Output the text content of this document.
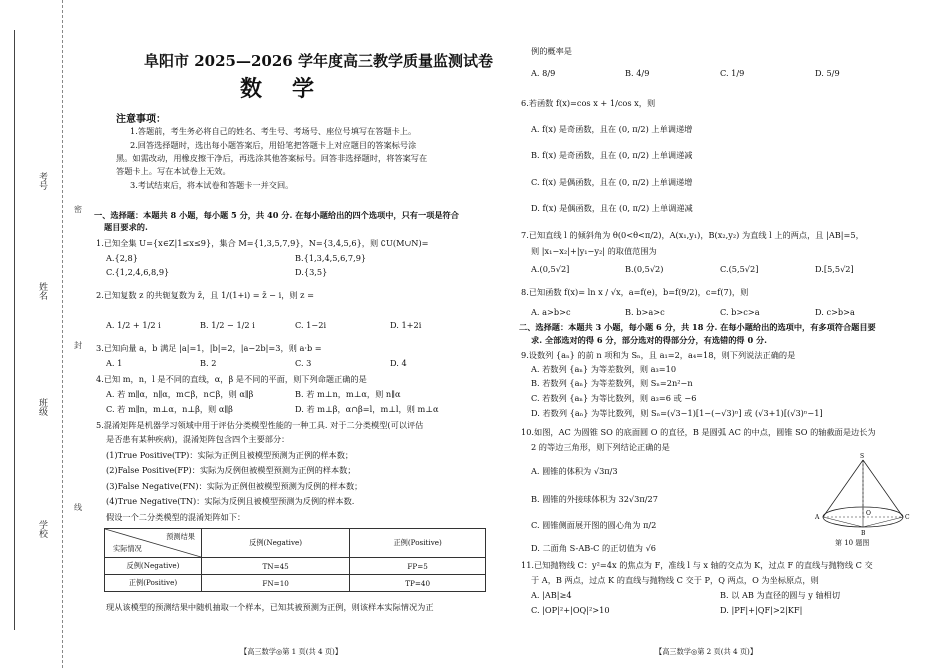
考号
姓名
班级
学校
密
封
线
阜阳市 2025—2026 学年度高三教学质量监测试卷
数学
注意事项：
1.答题前，考生务必将自己的姓名、考生号、考场号、座位号填写在答题卡上。
2.回答选择题时，选出每小题答案后，用铅笔把答题卡上对应题目的答案标号涂
黑。如需改动，用橡皮擦干净后，再选涂其他答案标号。回答非选择题时，将答案写在
答题卡上。写在本试卷上无效。
3.考试结束后，将本试卷和答题卡一并交回。
一、选择题：本题共 8 小题，每小题 5 分，共 40 分. 在每小题给出的四个选项中，只有一项是符合
题目要求的.
1.已知全集 U={x∈Z|1≤x≤9}，集合 M={1,3,5,7,9}，N={3,4,5,6}，则 ∁U(M∪N)=
A.{2,8}	B.{1,3,4,5,6,7,9}
C.{1,2,4,6,8,9}	D.{3,5}
2.已知复数 z 的共轭复数为 z̄，且 1/(1+i) = z̄ − i，则 z =
A. 1/2 + 1/2 i	B. 1/2 − 1/2 i	C. 1−2i	D. 1+2i
3.已知向量 a，b 满足 |a|=1，|b|=2，|a−2b|=3，则 a·b =
A. 1	B. 2	C. 3	D. 4
4.已知 m，n，l 是不同的直线，α，β 是不同的平面，则下列命题正确的是
A. 若 m∥α，n∥α，m⊂β，n⊂β，则 α∥β	B. 若 m⊥n，m⊥α，则 n∥α
C. 若 m∥n，m⊥α，n⊥β，则 α∥β	D. 若 m⊥β，α∩β=l，m⊥l，则 m⊥α
5.混淆矩阵是机器学习领域中用于评估分类模型性能的一种工具. 对于二分类模型(可以评估
是否患有某种疾病)，混淆矩阵包含四个主要部分：
(1)True Positive(TP)：实际为正例且被模型预测为正例的样本数；
(2)False Positive(FP)：实际为反例但被模型预测为正例的样本数；
(3)False Negative(FN)：实际为正例但被模型预测为反例的样本数；
(4)True Negative(TN)：实际为反例且被模型预测为反例的样本数.
假设一个二分类模型的混淆矩阵如下：
预测结果
实际情况	反例(Negative)	正例(Positive)
反例(Negative)	TN=45	FP=5
正例(Positive)	FN=10	TP=40
现从该模型的预测结果中随机抽取一个样本，已知其被预测为正例，则该样本实际情况为正
【高三数学◎第 1 页(共 4 页)】
例的概率是
A. 8/9	B. 4/9	C. 1/9	D. 5/9
6.若函数 f(x)=cos x + 1/cos x，则
A. f(x) 是奇函数，且在 (0, π/2) 上单调递增
B. f(x) 是奇函数，且在 (0, π/2) 上单调递减
C. f(x) 是偶函数，且在 (0, π/2) 上单调递增
D. f(x) 是偶函数，且在 (0, π/2) 上单调递减
7.已知直线 l 的倾斜角为 θ(0<θ<π/2)，A(x₁,y₁)，B(x₂,y₂) 为直线 l 上的两点，且 |AB|=5，
则 |x₁−x₂|+|y₁−y₂| 的取值范围为
A.(0,5√2]	B.(0,5√2)	C.(5,5√2]	D.[5,5√2]
8.已知函数 f(x)= ln x / √x，a=f(e)，b=f(9/2)，c=f(7)，则
A. a>b>c	B. b>a>c	C. b>c>a	D. c>b>a
二、选择题：本题共 3 小题，每小题 6 分，共 18 分. 在每小题给出的选项中，有多项符合题目要
求. 全部选对的得 6 分，部分选对的得部分分，有选错的得 0 分.
9.设数列 {aₙ} 的前 n 项和为 Sₙ，且 a₁=2，a₄=18，则下列说法正确的是
A. 若数列 {aₙ} 为等差数列，则 a₃=10
B. 若数列 {aₙ} 为等差数列，则 Sₙ=2n²−n
C. 若数列 {aₙ} 为等比数列，则 a₃=6 或 −6
D. 若数列 {aₙ} 为等比数列，则 Sₙ=(√3−1)[1−(−√3)ⁿ] 或 (√3+1)[(√3)ⁿ−1]
10.如图，AC 为圆锥 SO 的底面圆 O 的直径，B 是圆弧 AC 的中点，圆锥 SO 的轴截面是边长为
2 的等边三角形，则下列结论正确的是
A. 圆锥的体积为 √3π/3
B. 圆锥的外接球体积为 32√3π/27
C. 圆锥侧面展开图的圆心角为 π/2
D. 二面角 S-AB-C 的正切值为 √6
S
A	C
O
B
第 10 题图
11.已知抛物线 C：y²=4x 的焦点为 F，准线 l 与 x 轴的交点为 K，过点 F 的直线与抛物线 C 交
于 A，B 两点，过点 K 的直线与抛物线 C 交于 P，Q 两点，O 为坐标原点，则
A. |AB|≥4	B. 以 AB 为直径的圆与 y 轴相切
C. |OP|²+|OQ|²>10	D. |PF|+|QF|>2|KF|
【高三数学◎第 2 页(共 4 页)】
